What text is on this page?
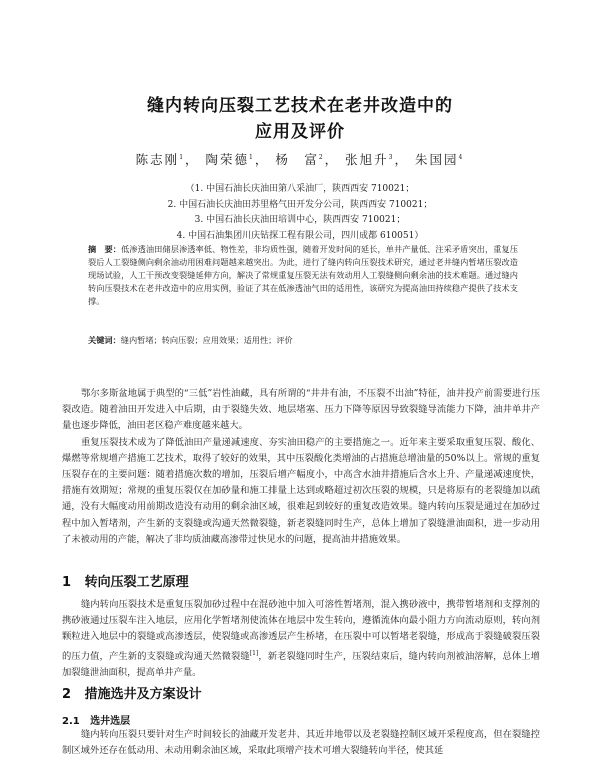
缝内转向压裂工艺技术在老井改造中的
应用及评价
陈志刚$^1$， 陶荣德$^1$， 杨　富$^2$， 张旭升$^3$， 朱国园$^4$
（1. 中国石油长庆油田第八采油厂，陕西西安 710021；
2. 中国石油长庆油田苏里格气田开发分公司，陕西西安 710021；
3. 中国石油长庆油田培训中心，陕西西安 710021；
4. 中国石油集团川庆钻探工程有限公司，四川成都 610051）
摘　要：低渗透油田储层渗透率低、物性差，非均质性强，随着开发时间的延长，单井产量低、注采矛盾突出，重复压裂后人工裂缝侧向剩余油动用困难问题越来越突出。为此，进行了缝内转向压裂技术研究，通过老井缝内暂堵压裂改造现场试验，人工干预改变裂缝延伸方向，解决了常规重复压裂无法有效动用人工裂缝侧向剩余油的技术难题。通过缝内转向压裂技术在老井改造中的应用实例，验证了其在低渗透油气田的适用性，该研究为提高油田持续稳产提供了技术支撑。
关键词：缝内暂堵；转向压裂；应用效果；适用性；评价

鄂尔多斯盆地属于典型的“三低”岩性油藏，具有所谓的“井井有油，不压裂不出油”特征，油井投产前需要进行压裂改造。随着油田开发进入中后期，由于裂缝失效、地层堵塞、压力下降等原因导致裂缝导流能力下降，油井单井产量也逐步降低，油田老区稳产难度越来越大。

重复压裂技术成为了降低油田产量递减速度、夯实油田稳产的主要措施之一。近年来主要采取重复压裂、酸化、爆燃等常规增产措施工艺技术，取得了较好的效果，其中压裂酸化类增油的占措施总增油量的50%以上。常规的重复压裂存在的主要问题：随着措施次数的增加，压裂后增产幅度小，中高含水油井措施后含水上升、产量递减速度快，措施有效期短；常规的重复压裂仅在加砂量和施工排量上达到或略超过初次压裂的规模，只是将原有的老裂缝加以疏通，没有大幅度动用前期改造没有动用的剩余油区域，很难起到较好的重复改造效果。缝内转向压裂是通过在加砂过程中加入暂堵剂，产生新的支裂缝或沟通天然微裂缝，新老裂缝同时生产，总体上增加了裂缝泄油面积，进一步动用了未被动用的产能，解决了非均质油藏高渗带过快见水的问题，提高油井措施效果。

1 转向压裂工艺原理

缝内转向压裂技术是重复压裂加砂过程中在混砂池中加入可溶性暂堵剂，混入携砂液中，携带暂堵剂和支撑剂的携砂液通过压裂车注入地层，应用化学暂堵剂使流体在地层中发生转向，遵循流体向最小阻力方向流动原则，转向剂颗粒进入地层中的裂缝或高渗透层，使裂缝或高渗透层产生桥堵，在压裂中可以暂堵老裂缝，形成高于裂缝破裂压裂的压力值，产生新的支裂缝或沟通天然微裂缝[1]，新老裂缝同时生产，压裂结束后，缝内转向剂被油溶解，总体上增加裂缝泄油面积，提高单井产量。

2 措施选井及方案设计
2.1 选井选层

缝内转向压裂只要针对生产时间较长的油藏开发老井、其近井地带以及老裂缝控制区域开采程度高，但在裂缝控制区域外还存在低动用、未动用剩余油区域，采取此项增产技术可增大裂缝转向半径，使其延
